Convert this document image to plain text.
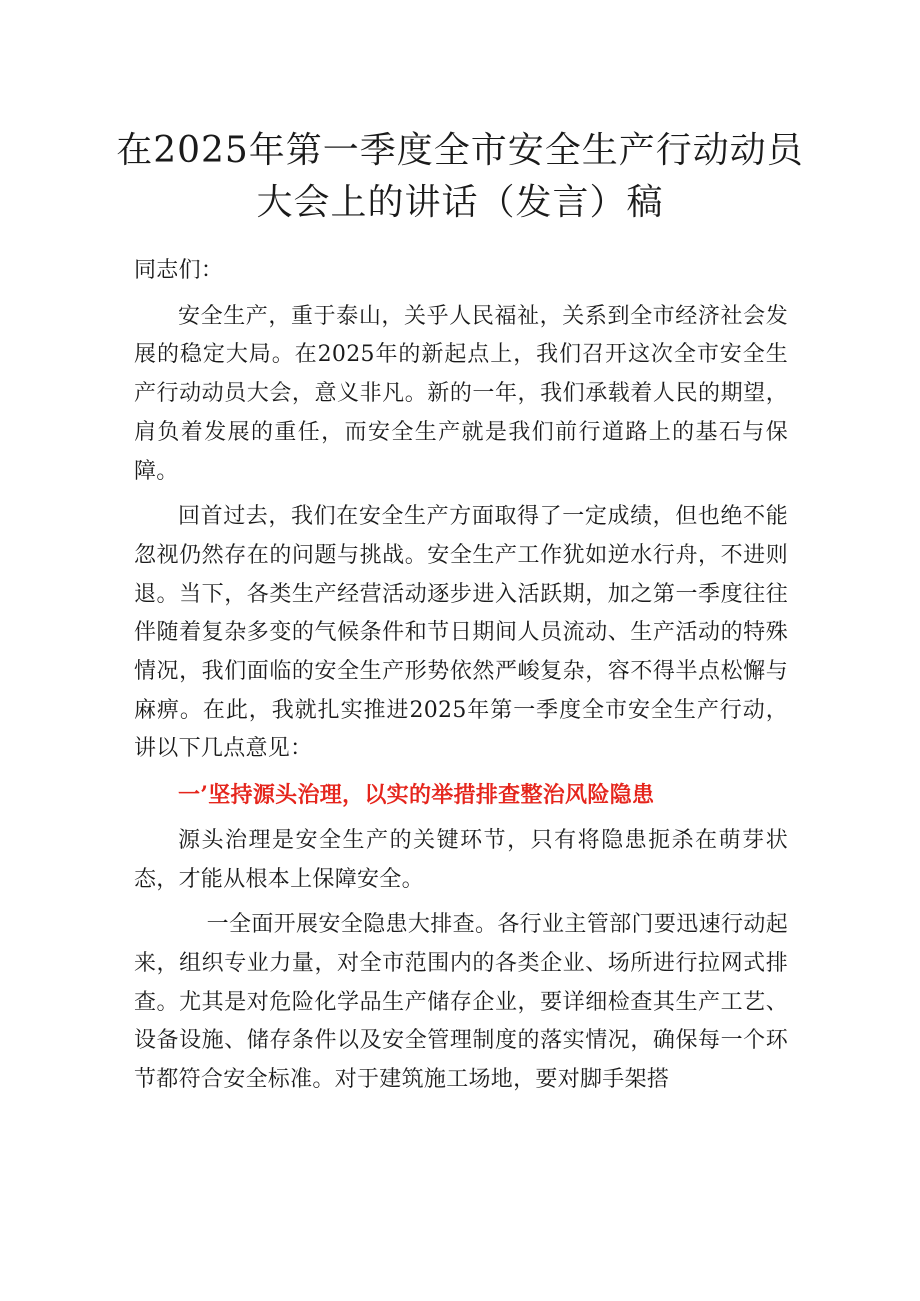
在2025年第一季度全市安全生产行动动员
大会上的讲话（发言）稿

同志们：

安全生产，重于泰山，关乎人民福祉，关系到全市经济社会发展的稳定大局。在2025年的新起点上，我们召开这次全市安全生产行动动员大会，意义非凡。新的一年，我们承载着人民的期望，肩负着发展的重任，而安全生产就是我们前行道路上的基石与保障。

回首过去，我们在安全生产方面取得了一定成绩，但也绝不能忽视仍然存在的问题与挑战。安全生产工作犹如逆水行舟，不进则退。当下，各类生产经营活动逐步进入活跃期，加之第一季度往往伴随着复杂多变的气候条件和节日期间人员流动、生产活动的特殊情况，我们面临的安全生产形势依然严峻复杂，容不得半点松懈与麻痹。在此，我就扎实推进2025年第一季度全市安全生产行动，讲以下几点意见：

一’坚持源头治理，以实的举措排查整治风险隐患

源头治理是安全生产的关键环节，只有将隐患扼杀在萌芽状态，才能从根本上保障安全。

一全面开展安全隐患大排查。各行业主管部门要迅速行动起来，组织专业力量，对全市范围内的各类企业、场所进行拉网式排查。尤其是对危险化学品生产储存企业，要详细检查其生产工艺、设备设施、储存条件以及安全管理制度的落实情况，确保每一个环节都符合安全标准。对于建筑施工场地，要对脚手架搭
